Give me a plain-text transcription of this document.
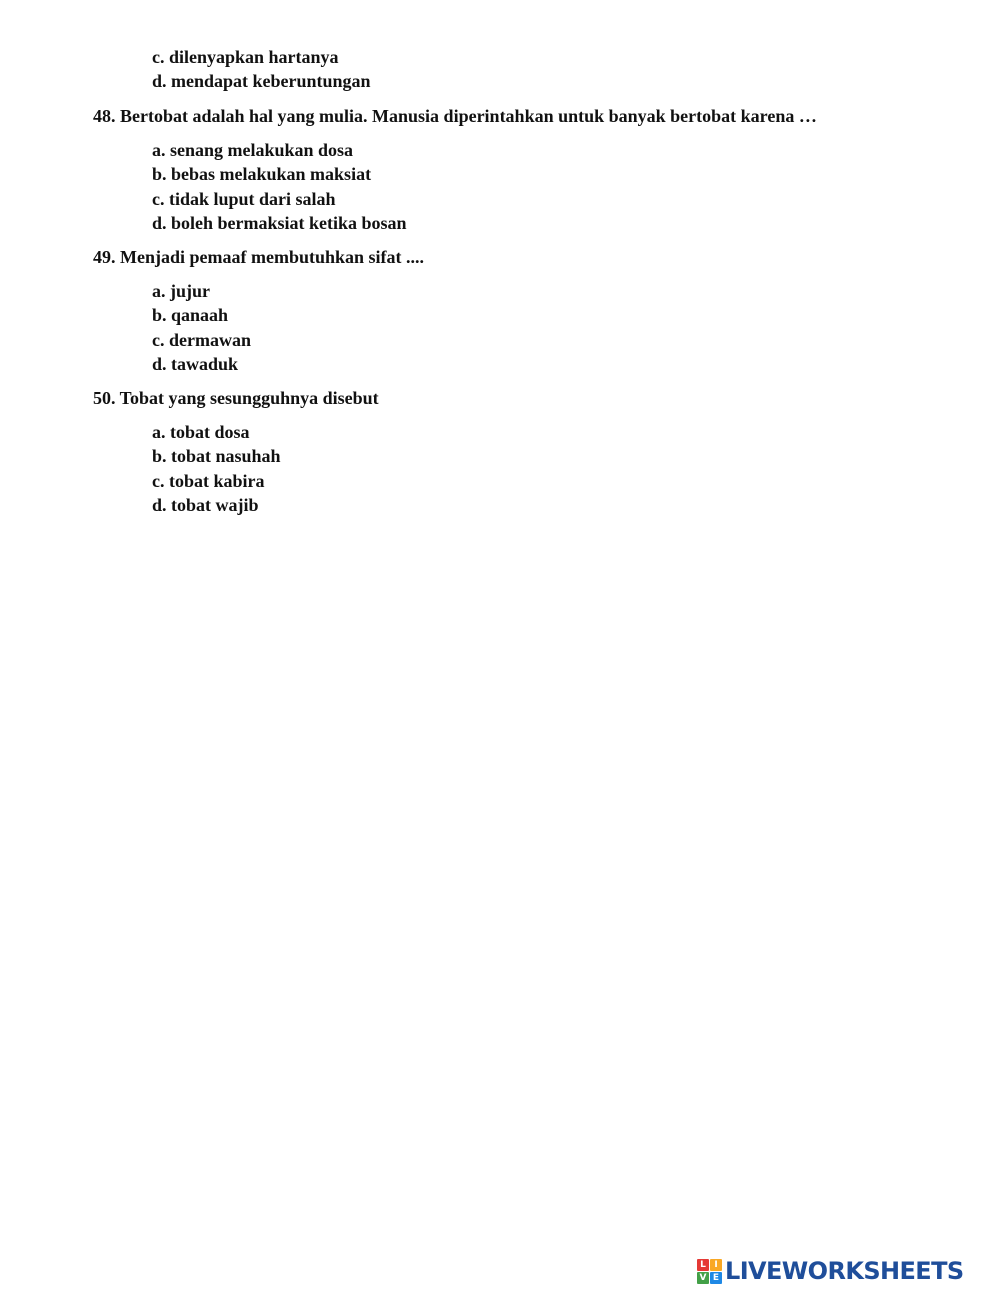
c. dilenyapkan hartanya
d. mendapat keberuntungan

48. Bertobat adalah hal yang mulia. Manusia diperintahkan untuk banyak bertobat karena …

a. senang melakukan dosa
b. bebas melakukan maksiat
c. tidak luput dari salah
d. boleh bermaksiat ketika bosan

49. Menjadi pemaaf membutuhkan sifat ....

a. jujur
b. qanaah
c. dermawan
d. tawaduk

50. Tobat yang sesungguhnya disebut

a. tobat dosa
b. tobat nasuhah
c. tobat kabira
d. tobat wajib
L I
V E LIVEWORKSHEETS
